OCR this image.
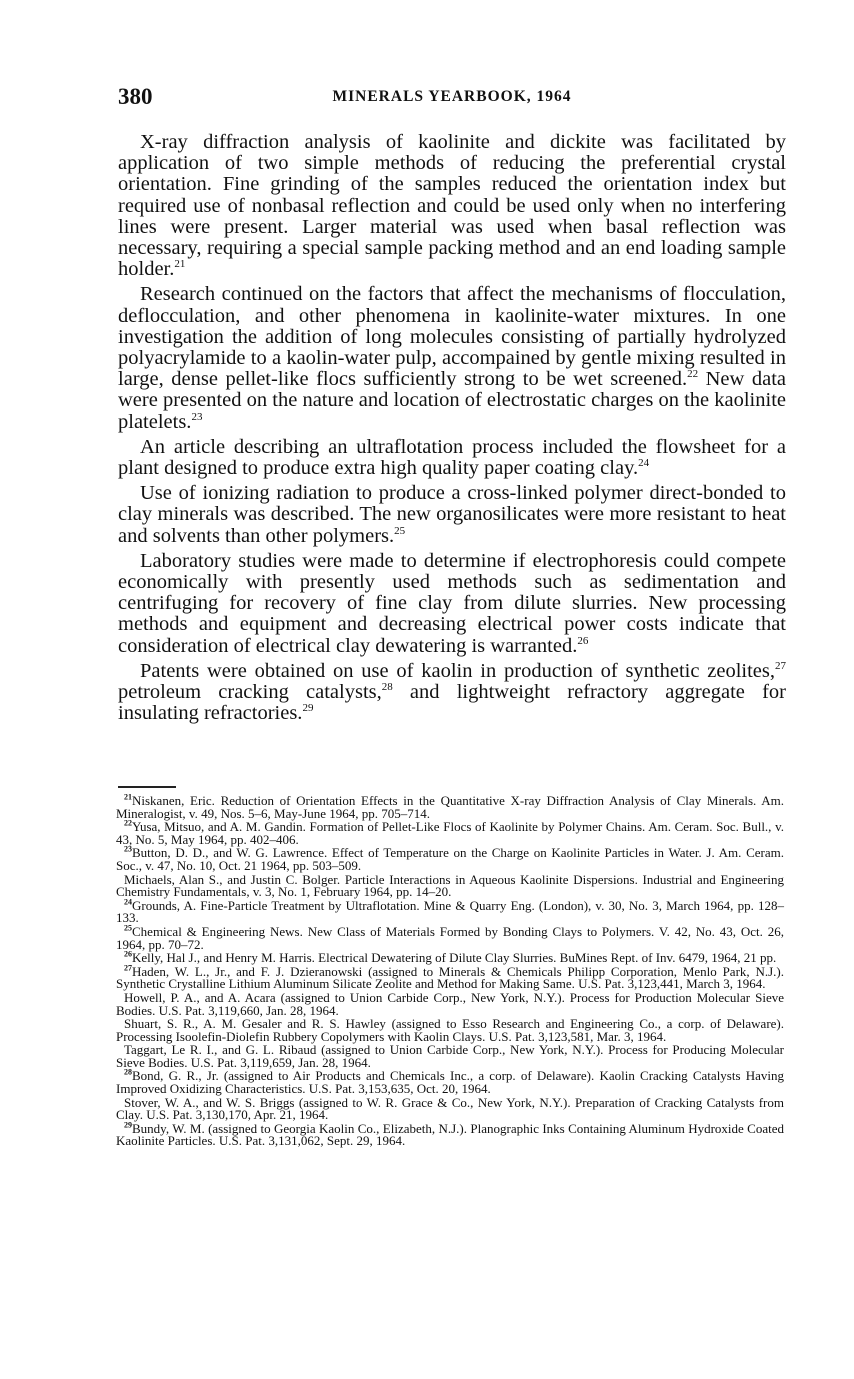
380	MINERALS YEARBOOK, 1964

X-ray diffraction analysis of kaolinite and dickite was facilitated by application of two simple methods of reducing the preferential crystal orientation. Fine grinding of the samples reduced the orientation index but required use of nonbasal reflection and could be used only when no interfering lines were present. Larger material was used when basal reflection was necessary, requiring a special sample packing method and an end loading sample holder.$^{21}$

Research continued on the factors that affect the mechanisms of flocculation, deflocculation, and other phenomena in kaolinite-water mixtures. In one investigation the addition of long molecules consisting of partially hydrolyzed polyacrylamide to a kaolin-water pulp, accompained by gentle mixing resulted in large, dense pellet-like flocs sufficiently strong to be wet screened.$^{22}$ New data were presented on the nature and location of electrostatic charges on the kaolinite platelets.$^{23}$

An article describing an ultraflotation process included the flowsheet for a plant designed to produce extra high quality paper coating clay.$^{24}$

Use of ionizing radiation to produce a cross-linked polymer direct-bonded to clay minerals was described. The new organosilicates were more resistant to heat and solvents than other polymers.$^{25}$

Laboratory studies were made to determine if electrophoresis could compete economically with presently used methods such as sedimentation and centrifuging for recovery of fine clay from dilute slurries. New processing methods and equipment and decreasing electrical power costs indicate that consideration of electrical clay dewatering is warranted.$^{26}$

Patents were obtained on use of kaolin in production of synthetic zeolites,$^{27}$ petroleum cracking catalysts,$^{28}$ and lightweight refractory aggregate for insulating refractories.$^{29}$

$^{21}$Niskanen, Eric. Reduction of Orientation Effects in the Quantitative X-ray Diffraction Analysis of Clay Minerals. Am. Mineralogist, v. 49, Nos. 5–6, May-June 1964, pp. 705–714.
$^{22}$Yusa, Mitsuo, and A. M. Gandin. Formation of Pellet-Like Flocs of Kaolinite by Polymer Chains. Am. Ceram. Soc. Bull., v. 43, No. 5, May 1964, pp. 402–406.
$^{23}$Button, D. D., and W. G. Lawrence. Effect of Temperature on the Charge on Kaolinite Particles in Water. J. Am. Ceram. Soc., v. 47, No. 10, Oct. 21 1964, pp. 503–509.
Michaels, Alan S., and Justin C. Bolger. Particle Interactions in Aqueous Kaolinite Dispersions. Industrial and Engineering Chemistry Fundamentals, v. 3, No. 1, February 1964, pp. 14–20.
$^{24}$Grounds, A. Fine-Particle Treatment by Ultraflotation. Mine & Quarry Eng. (London), v. 30, No. 3, March 1964, pp. 128–133.
$^{25}$Chemical & Engineering News. New Class of Materials Formed by Bonding Clays to Polymers. V. 42, No. 43, Oct. 26, 1964, pp. 70–72.
$^{26}$Kelly, Hal J., and Henry M. Harris. Electrical Dewatering of Dilute Clay Slurries. BuMines Rept. of Inv. 6479, 1964, 21 pp.
$^{27}$Haden, W. L., Jr., and F. J. Dzieranowski (assigned to Minerals & Chemicals Philipp Corporation, Menlo Park, N.J.). Synthetic Crystalline Lithium Aluminum Silicate Zeolite and Method for Making Same. U.S. Pat. 3,123,441, March 3, 1964.
Howell, P. A., and A. Acara (assigned to Union Carbide Corp., New York, N.Y.). Process for Production Molecular Sieve Bodies. U.S. Pat. 3,119,660, Jan. 28, 1964.
Shuart, S. R., A. M. Gesaler and R. S. Hawley (assigned to Esso Research and Engineering Co., a corp. of Delaware). Processing Isoolefin-Diolefin Rubbery Copolymers with Kaolin Clays. U.S. Pat. 3,123,581, Mar. 3, 1964.
Taggart, Le R. I., and G. L. Ribaud (assigned to Union Carbide Corp., New York, N.Y.). Process for Producing Molecular Sieve Bodies. U.S. Pat. 3,119,659, Jan. 28, 1964.
$^{28}$Bond, G. R., Jr. (assigned to Air Products and Chemicals Inc., a corp. of Delaware). Kaolin Cracking Catalysts Having Improved Oxidizing Characteristics. U.S. Pat. 3,153,635, Oct. 20, 1964.
Stover, W. A., and W. S. Briggs (assigned to W. R. Grace & Co., New York, N.Y.). Preparation of Cracking Catalysts from Clay. U.S. Pat. 3,130,170, Apr. 21, 1964.
$^{29}$Bundy, W. M. (assigned to Georgia Kaolin Co., Elizabeth, N.J.). Planographic Inks Containing Aluminum Hydroxide Coated Kaolinite Particles. U.S. Pat. 3,131,062, Sept. 29, 1964.
